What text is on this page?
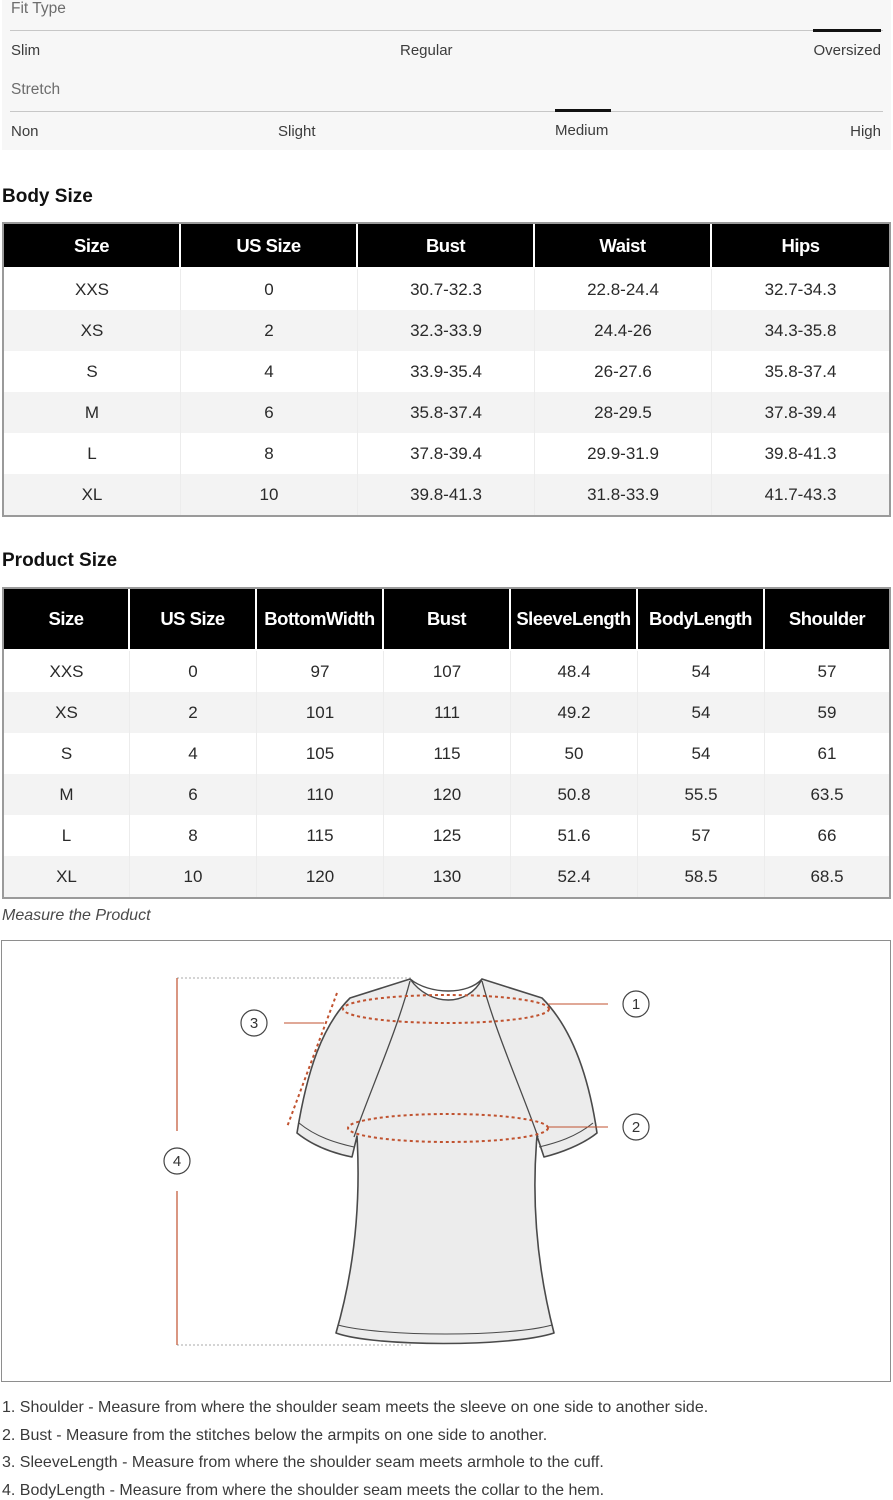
Fit Type
Slim	Regular	Oversized
Stretch
Non	Slight	Medium	High
Body Size
Size	US Size	Bust	Waist	Hips
XXS	0	30.7-32.3	22.8-24.4	32.7-34.3
XS	2	32.3-33.9	24.4-26	34.3-35.8
S	4	33.9-35.4	26-27.6	35.8-37.4
M	6	35.8-37.4	28-29.5	37.8-39.4
L	8	37.8-39.4	29.9-31.9	39.8-41.3
XL	10	39.8-41.3	31.8-33.9	41.7-43.3
Product Size
Size	US Size	BottomWidth	Bust	SleeveLength	BodyLength	Shoulder
XXS	0	97	107	48.4	54	57
XS	2	101	111	49.2	54	59
S	4	105	115	50	54	61
M	6	110	120	50.8	55.5	63.5
L	8	115	125	51.6	57	66
XL	10	120	130	52.4	58.5	68.5
Measure the Product
1
2
3
4
1. Shoulder - Measure from where the shoulder seam meets the sleeve on one side to another side.
2. Bust - Measure from the stitches below the armpits on one side to another.
3. SleeveLength - Measure from where the shoulder seam meets armhole to the cuff.
4. BodyLength - Measure from where the shoulder seam meets the collar to the hem.
